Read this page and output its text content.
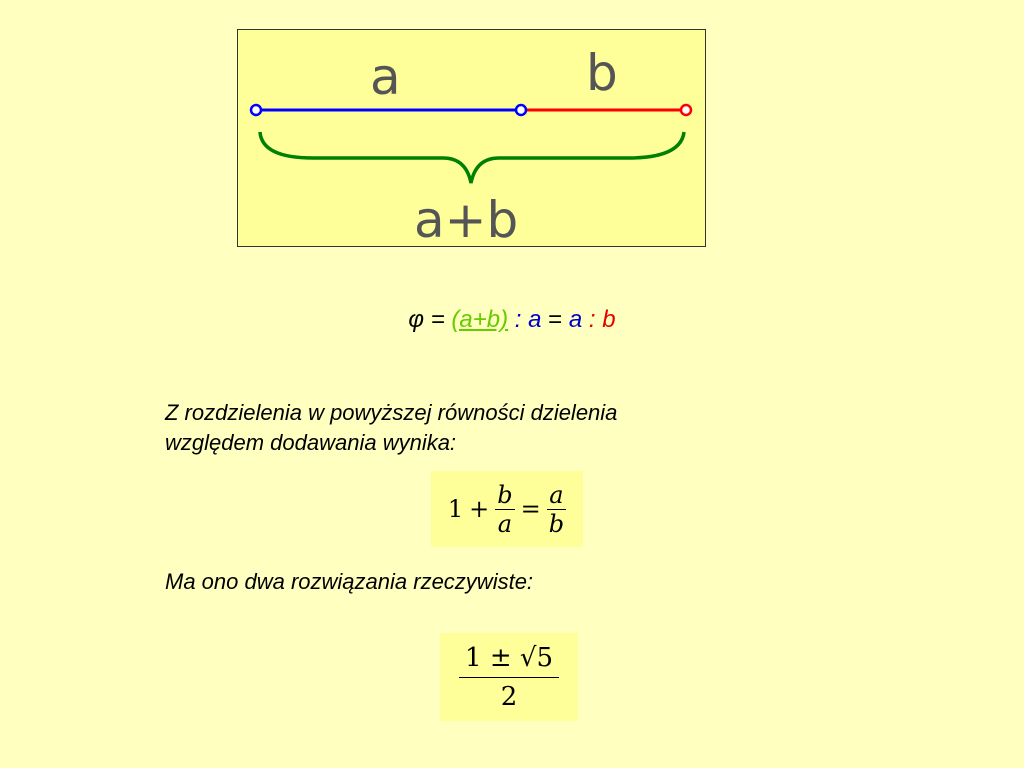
a	b
a+b
φ = (a+b) : a = a : b
Z rozdzielenia w powyższej równości dzielenia
względem dodawania wynika:
$1 + \frac{b}{a} = \frac{a}{b}$
Ma ono dwa rozwiązania rzeczywiste:
$\frac{1 \pm √5}{2}$
